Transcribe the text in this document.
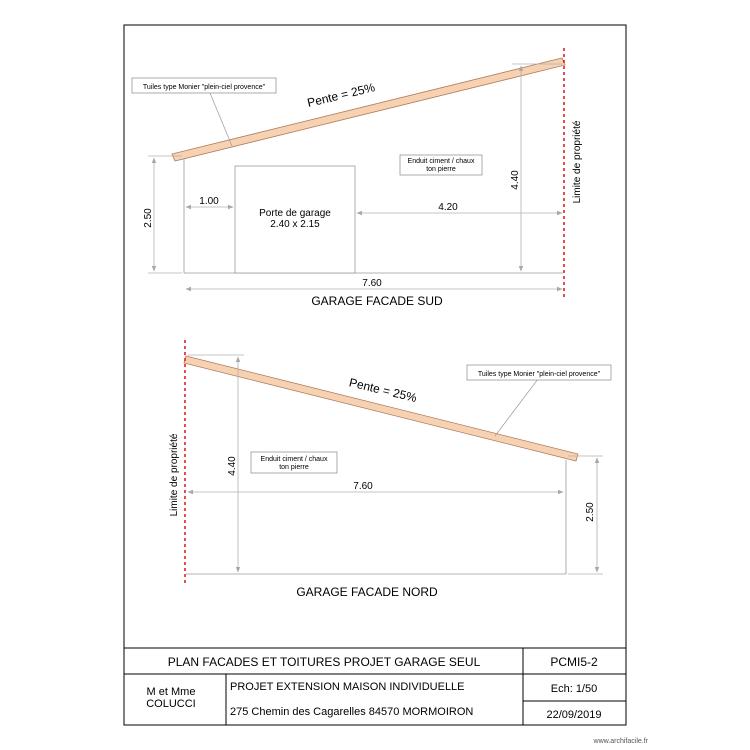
Limite de propriété
Tuiles type Monier "plein-ciel provence"	Pente = 25%
Enduit ciment / chaux
ton pierre
Porte de garage
2.40 x 2.15
1.00
4.20
2.50
4.40
7.60
GARAGE FACADE SUD
Limite de propriété
Tuiles type Monier "plein-ciel provence"
Pente = 25%
Enduit ciment / chaux
ton pierre
4.40
7.60
2.50
GARAGE FACADE NORD
PLAN FACADES ET TOITURES PROJET GARAGE SEUL	PCMI5-2
M et Mme
COLUCCI
PROJET EXTENSION MAISON INDIVIDUELLE
275 Chemin des Cagarelles 84570 MORMOIRON
Ech: 1/50
22/09/2019
www.archifacile.fr
